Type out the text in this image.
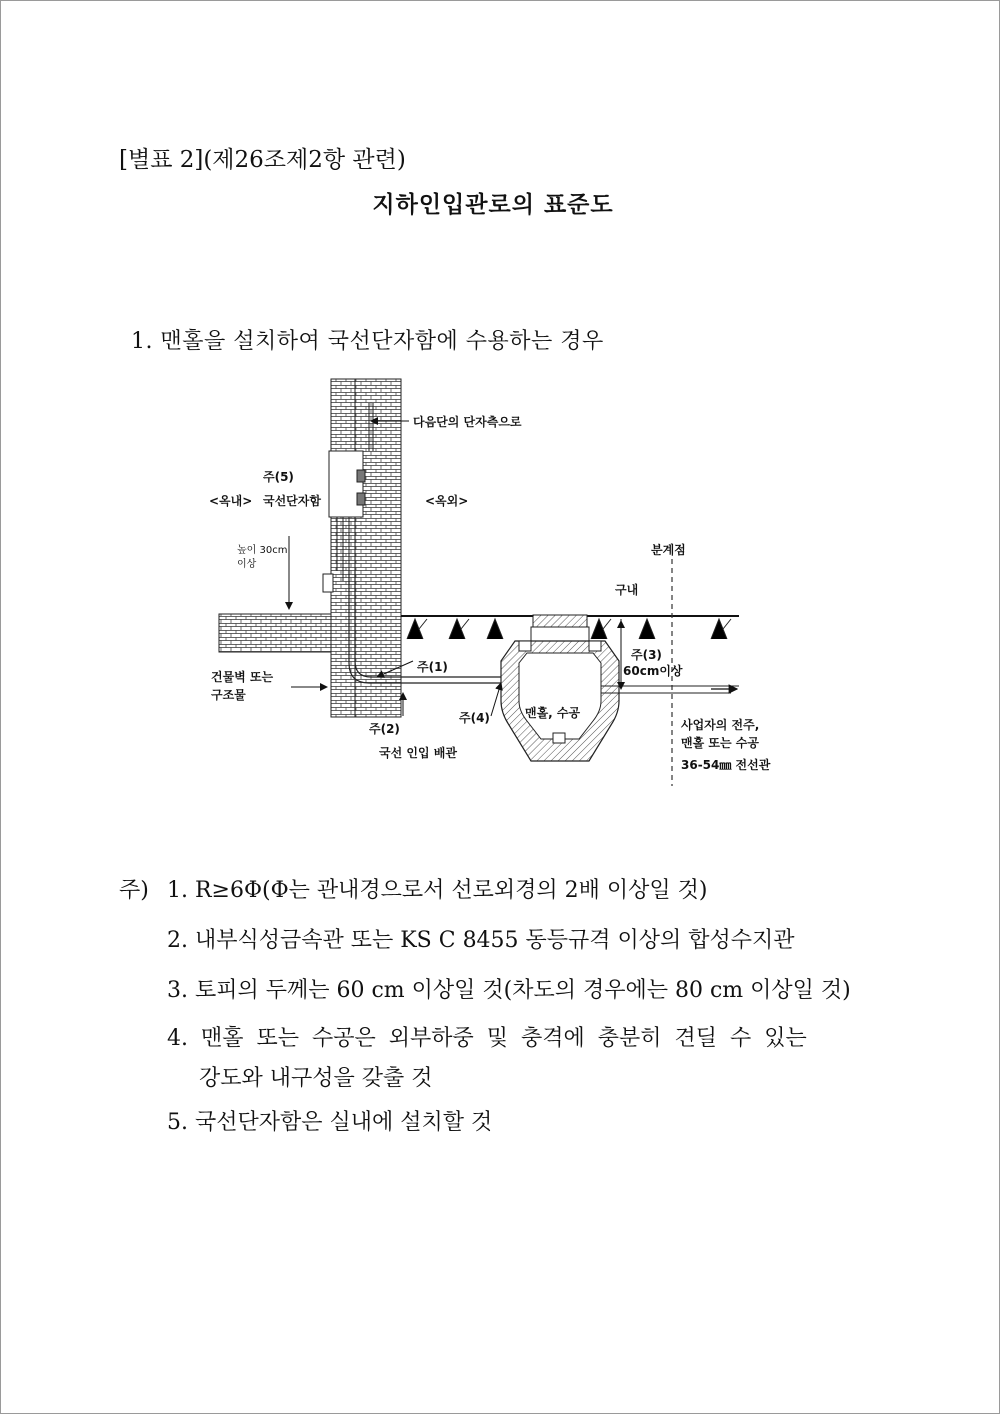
[별표 2](제26조제2항 관련)
지하인입관로의 표준도
1. 맨홀을 설치하여 국선단자함에 수용하는 경우
다음단의 단자측으로
주(5)
<옥내> 국선단자함	<옥외>
분계점
구내
주(3)
60cm이상
건물벽 또는
구조물
주(1)
주(4)	맨홀, 수공
주(2)
국선 인입 배관
사업자의 전주,
맨홀 또는 수공
36-54㎜ 전선관
높이 30cm
이상
주) 1. R≥6Φ(Φ는 관내경으로서 선로외경의 2배 이상일 것)
2. 내부식성금속관 또는 KS C 8455 동등규격 이상의 합성수지관
3. 토피의 두께는 60 cm 이상일 것(차도의 경우에는 80 cm 이상일 것)
4. 맨홀 또는 수공은 외부하중 및 충격에 충분히 견딜 수 있는
강도와 내구성을 갖출 것
5. 국선단자함은 실내에 설치할 것
